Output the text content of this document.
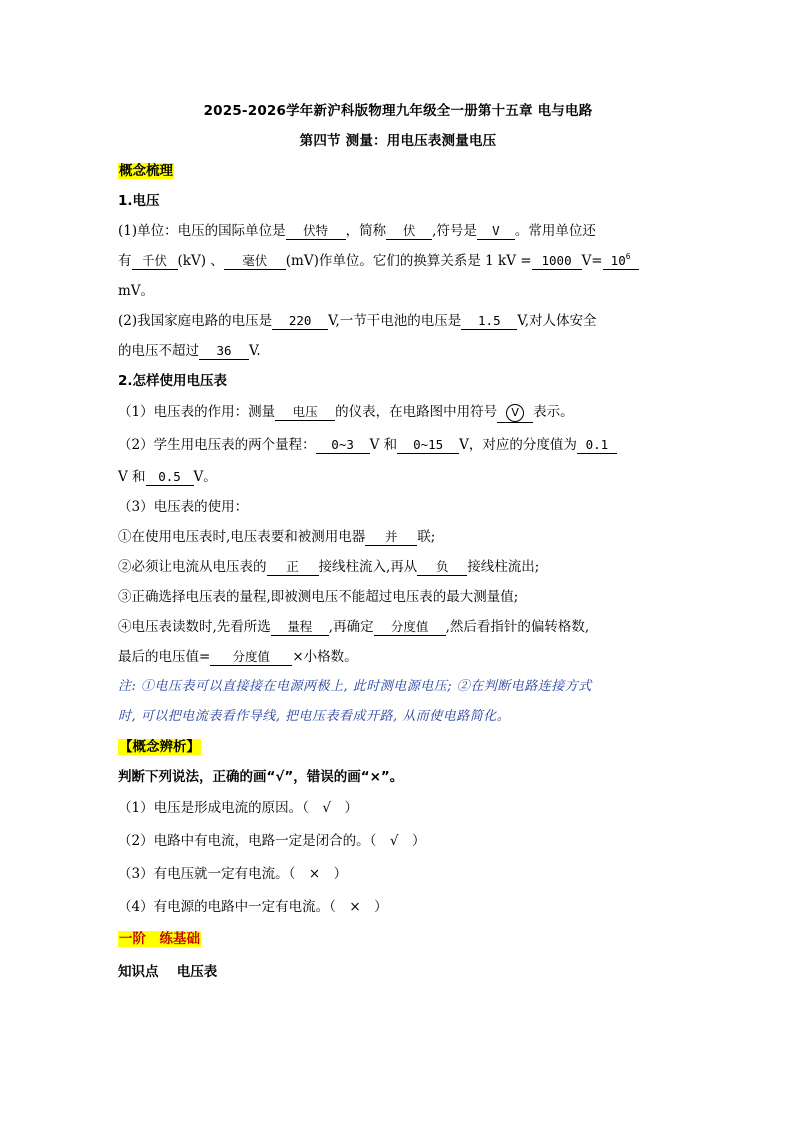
2025-2026学年新沪科版物理九年级全一册第十五章 电与电路
第四节 测量：用电压表测量电压
概念梳理
1.电压
(1)单位：电压的国际单位是 伏特 ，简称 伏 ,符号是 V 。常用单位还
有 千伏 (kV) 、 毫伏 (mV)作单位。它们的换算关系是 1 kV = 1000 $V= 10^6$
mV。
(2)我国家庭电路的电压是 220 V,一节干电池的电压是 1.5 V,对人体安全
的电压不超过 36 V.
2.怎样使用电压表
（1）电压表的作用：测量 电压 的仪表，在电路图中用符号 V 表示。
（2）学生用电压表的两个量程： 0~3 V 和 0~15 V，对应的分度值为 0.1
V 和 0.5 V。
（3）电压表的使用：
①在使用电压表时,电压表要和被测用电器 并 联;
②必须让电流从电压表的 正 接线柱流入,再从 负 接线柱流出;
③正确选择电压表的量程,即被测电压不能超过电压表的最大测量值;
④电压表读数时,先看所选 量程 ,再确定 分度值 ,然后看指针的偏转格数,
最后的电压值= 分度值 ×小格数。
注: ①电压表可以直接接在电源两极上, 此时测电源电压; ②在判断电路连接方式
时, 可以把电流表看作导线, 把电压表看成开路, 从而使电路简化。
【概念辨析】
判断下列说法，正确的画“√”，错误的画“×”。
（1）电压是形成电流的原因。（　√　）
（2）电路中有电流，电路一定是闭合的。（　√　）
（3）有电压就一定有电流。（　×　）
（4）有电源的电路中一定有电流。（　×　）
一阶　练基础
知识点　 电压表
